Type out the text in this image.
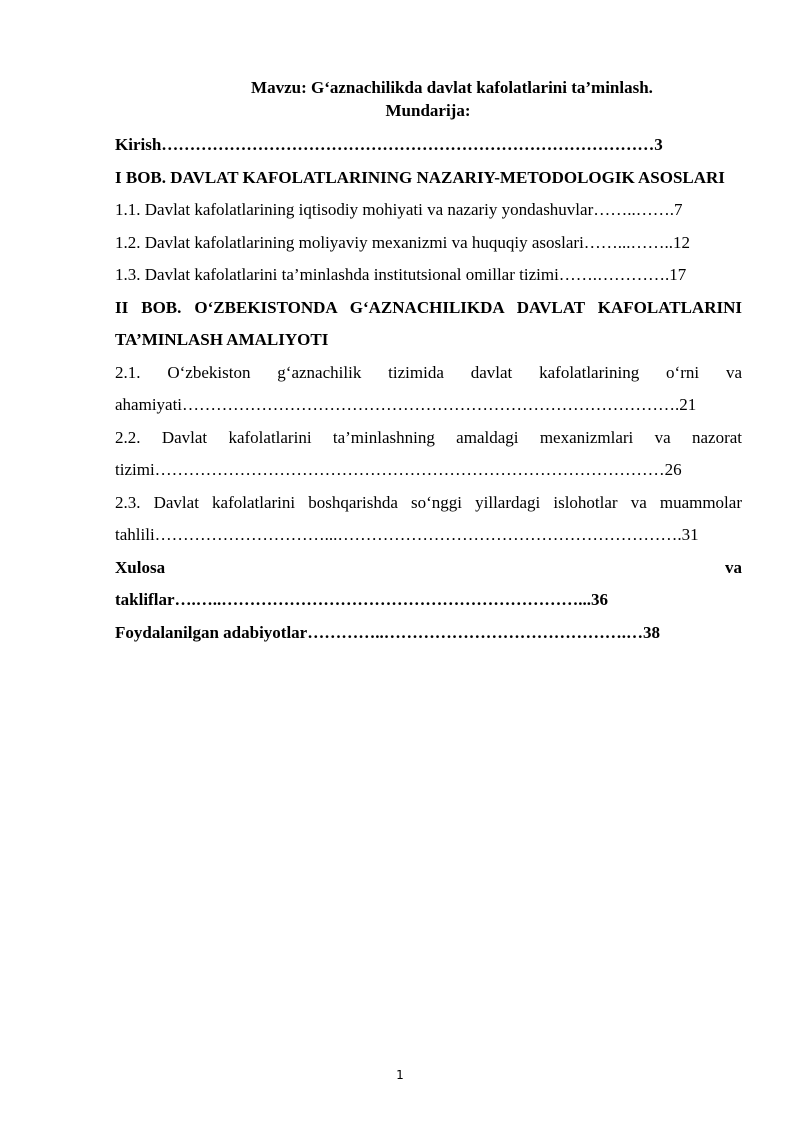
Mavzu: G‘aznachilikda davlat kafolatlarini ta’minlash.
Mundarija:

Kirish……………………………………………………………………………3

I BOB. DAVLAT KAFOLATLARINING NAZARIY-METODOLOGIK ASOSLARI

1.1. Davlat kafolatlarining iqtisodiy mohiyati va nazariy yondashuvlar……..…….7

1.2. Davlat kafolatlarining moliyaviy mexanizmi va huquqiy asoslari……...……..12

1.3. Davlat kafolatlarini ta’minlashda institutsional omillar tizimi…….………….17

II BOB. O‘ZBEKISTONDA G‘AZNACHILIKDA DAVLAT KAFOLATLARINI TA’MINLASH AMALIYOTI

2.1. O‘zbekiston g‘aznachilik tizimida davlat kafolatlarining o‘rni va ahamiyati…………………………………………………………………………….21

2.2. Davlat kafolatlarini ta’minlashning amaldagi mexanizmlari va nazorat tizimi………………………………………………………………………………26

2.3. Davlat kafolatlarini boshqarishda so‘nggi yillardagi islohotlar va muammolar tahlili…………………………...…………………………………………………….31

Xulosa	va

takliflar….…..………………………………………………………...36

Foydalanilgan adabiyotlar…………..…………………………………….…38

1
